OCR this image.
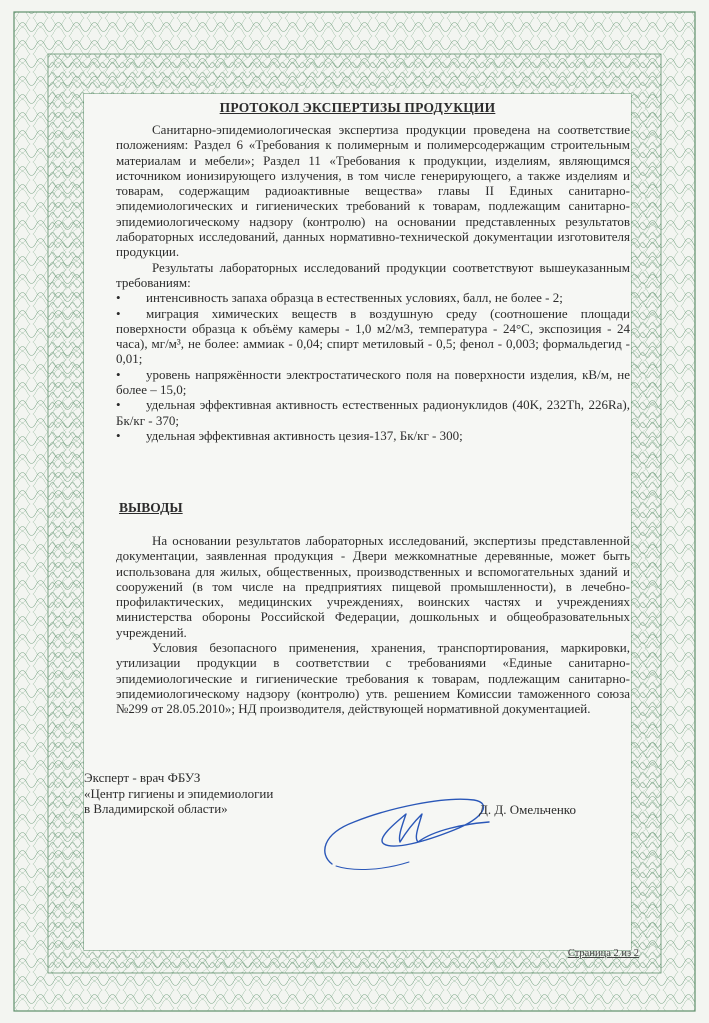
ПРОТОКОЛ ЭКСПЕРТИЗЫ ПРОДУКЦИИ

Санитарно-эпидемиологическая экспертиза продукции проведена на соответствие положениям: Раздел 6 «Требования к полимерным и полимерсодержащим строительным материалам и мебели»; Раздел 11 «Требования к продукции, изделиям, являющимся источником ионизирующего излучения, в том числе генерирующего, а также изделиям и товарам, содержащим радиоактивные вещества» главы II Единых санитарно-эпидемиологических и гигиенических требований к товарам, подлежащим санитарно-эпидемиологическому надзору (контролю) на основании представленных результатов лабораторных исследований, данных нормативно-технической документации изготовителя продукции.

Результаты лабораторных исследований продукции соответствуют вышеуказанным требованиям:

• интенсивность запаха образца в естественных условиях, балл, не более - 2;
• миграция химических веществ в воздушную среду (соотношение площади поверхности образца к объёму камеры - 1,0 м2/м3, температура - 24°C, экспозиция - 24 часа), мг/м³, не более: аммиак - 0,04; спирт метиловый - 0,5; фенол - 0,003; формальдегид - 0,01;
• уровень напряжённости электростатического поля на поверхности изделия, кВ/м, не более – 15,0;
• удельная эффективная активность естественных радионуклидов (40K, 232Th, 226Ra), Бк/кг - 370;
• удельная эффективная активность цезия-137, Бк/кг - 300;
ВЫВОДЫ

На основании результатов лабораторных исследований, экспертизы представленной документации, заявленная продукция - Двери межкомнатные деревянные, может быть использована для жилых, общественных, производственных и вспомогательных зданий и сооружений (в том числе на предприятиях пищевой промышленности), в лечебно-профилактических, медицинских учреждениях, воинских частях и учреждениях министерства обороны Российской Федерации, дошкольных и общеобразовательных учреждений.

Условия безопасного применения, хранения, транспортирования, маркировки, утилизации продукции в соответствии с требованиями «Единые санитарно-эпидемиологические и гигиенические требования к товарам, подлежащим санитарно-эпидемиологическому надзору (контролю) утв. решением Комиссии таможенного союза №299 от 28.05.2010»; НД производителя, действующей нормативной документацией.

Эксперт - врач ФБУЗ
«Центр гигиены и эпидемиологии
в Владимирской области»	Д. Д. Омельченко
Страница 2 из 2
